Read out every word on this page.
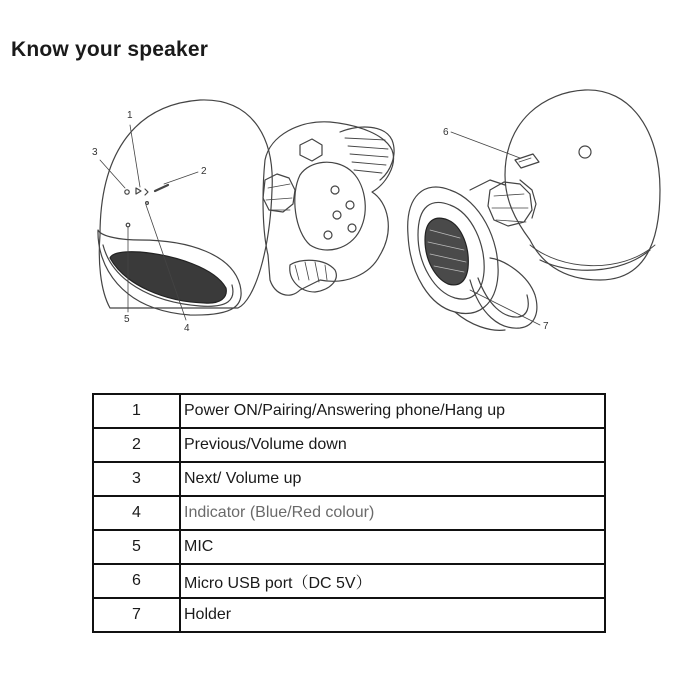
Know your speaker
1
2
3
4
5
6
7
1	Power ON/Pairing/Answering phone/Hang up
2	Previous/Volume down
3	Next/ Volume up
4	Indicator (Blue/Red colour)
5	MIC
6	Micro USB port（DC 5V）
7	Holder
